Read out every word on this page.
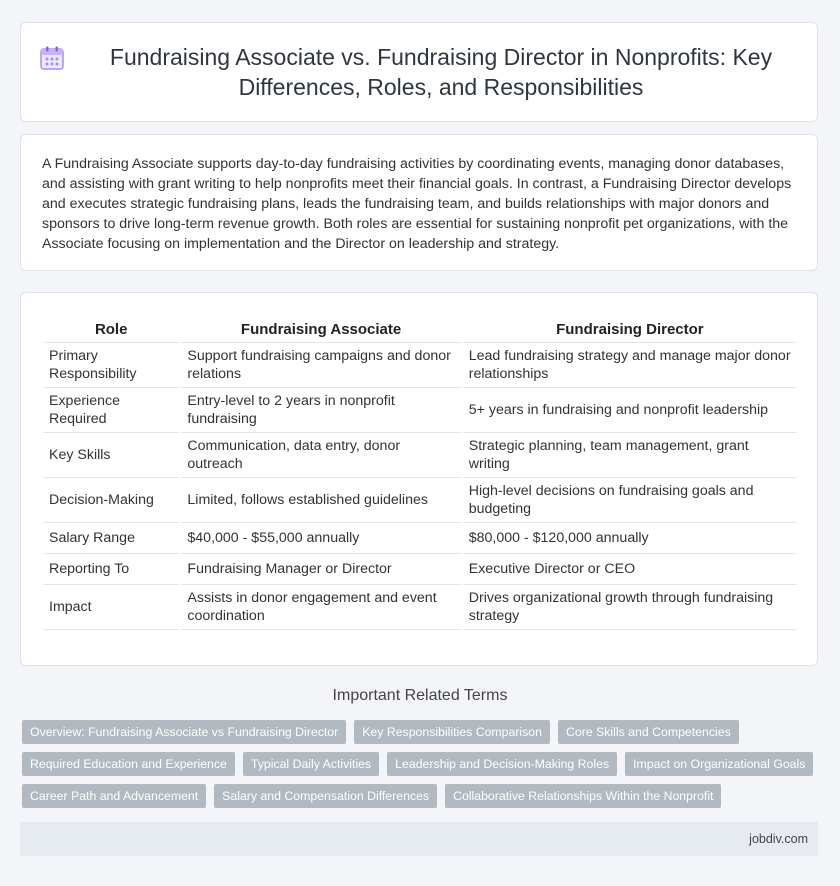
Fundraising Associate vs. Fundraising Director in Nonprofits: Key Differences, Roles, and Responsibilities

A Fundraising Associate supports day-to-day fundraising activities by coordinating events, managing donor databases, and assisting with grant writing to help nonprofits meet their financial goals. In contrast, a Fundraising Director develops and executes strategic fundraising plans, leads the fundraising team, and builds relationships with major donors and sponsors to drive long-term revenue growth. Both roles are essential for sustaining nonprofit pet organizations, with the Associate focusing on implementation and the Director on leadership and strategy.

Role	Fundraising Associate	Fundraising Director
Primary Responsibility	Support fundraising campaigns and donor relations	Lead fundraising strategy and manage major donor relationships
Experience Required	Entry-level to 2 years in nonprofit fundraising	5+ years in fundraising and nonprofit leadership
Key Skills	Communication, data entry, donor outreach	Strategic planning, team management, grant writing
Decision-Making	Limited, follows established guidelines	High-level decisions on fundraising goals and budgeting
Salary Range	$40,000 - $55,000 annually	$80,000 - $120,000 annually
Reporting To	Fundraising Manager or Director	Executive Director or CEO
Impact	Assists in donor engagement and event coordination	Drives organizational growth through fundraising strategy
Important Related Terms
Overview: Fundraising Associate vs Fundraising Director	Key Responsibilities Comparison	Core Skills and Competencies
Required Education and Experience	Typical Daily Activities	Leadership and Decision-Making Roles	Impact on Organizational Goals
Career Path and Advancement	Salary and Compensation Differences	Collaborative Relationships Within the Nonprofit
jobdiv.com
